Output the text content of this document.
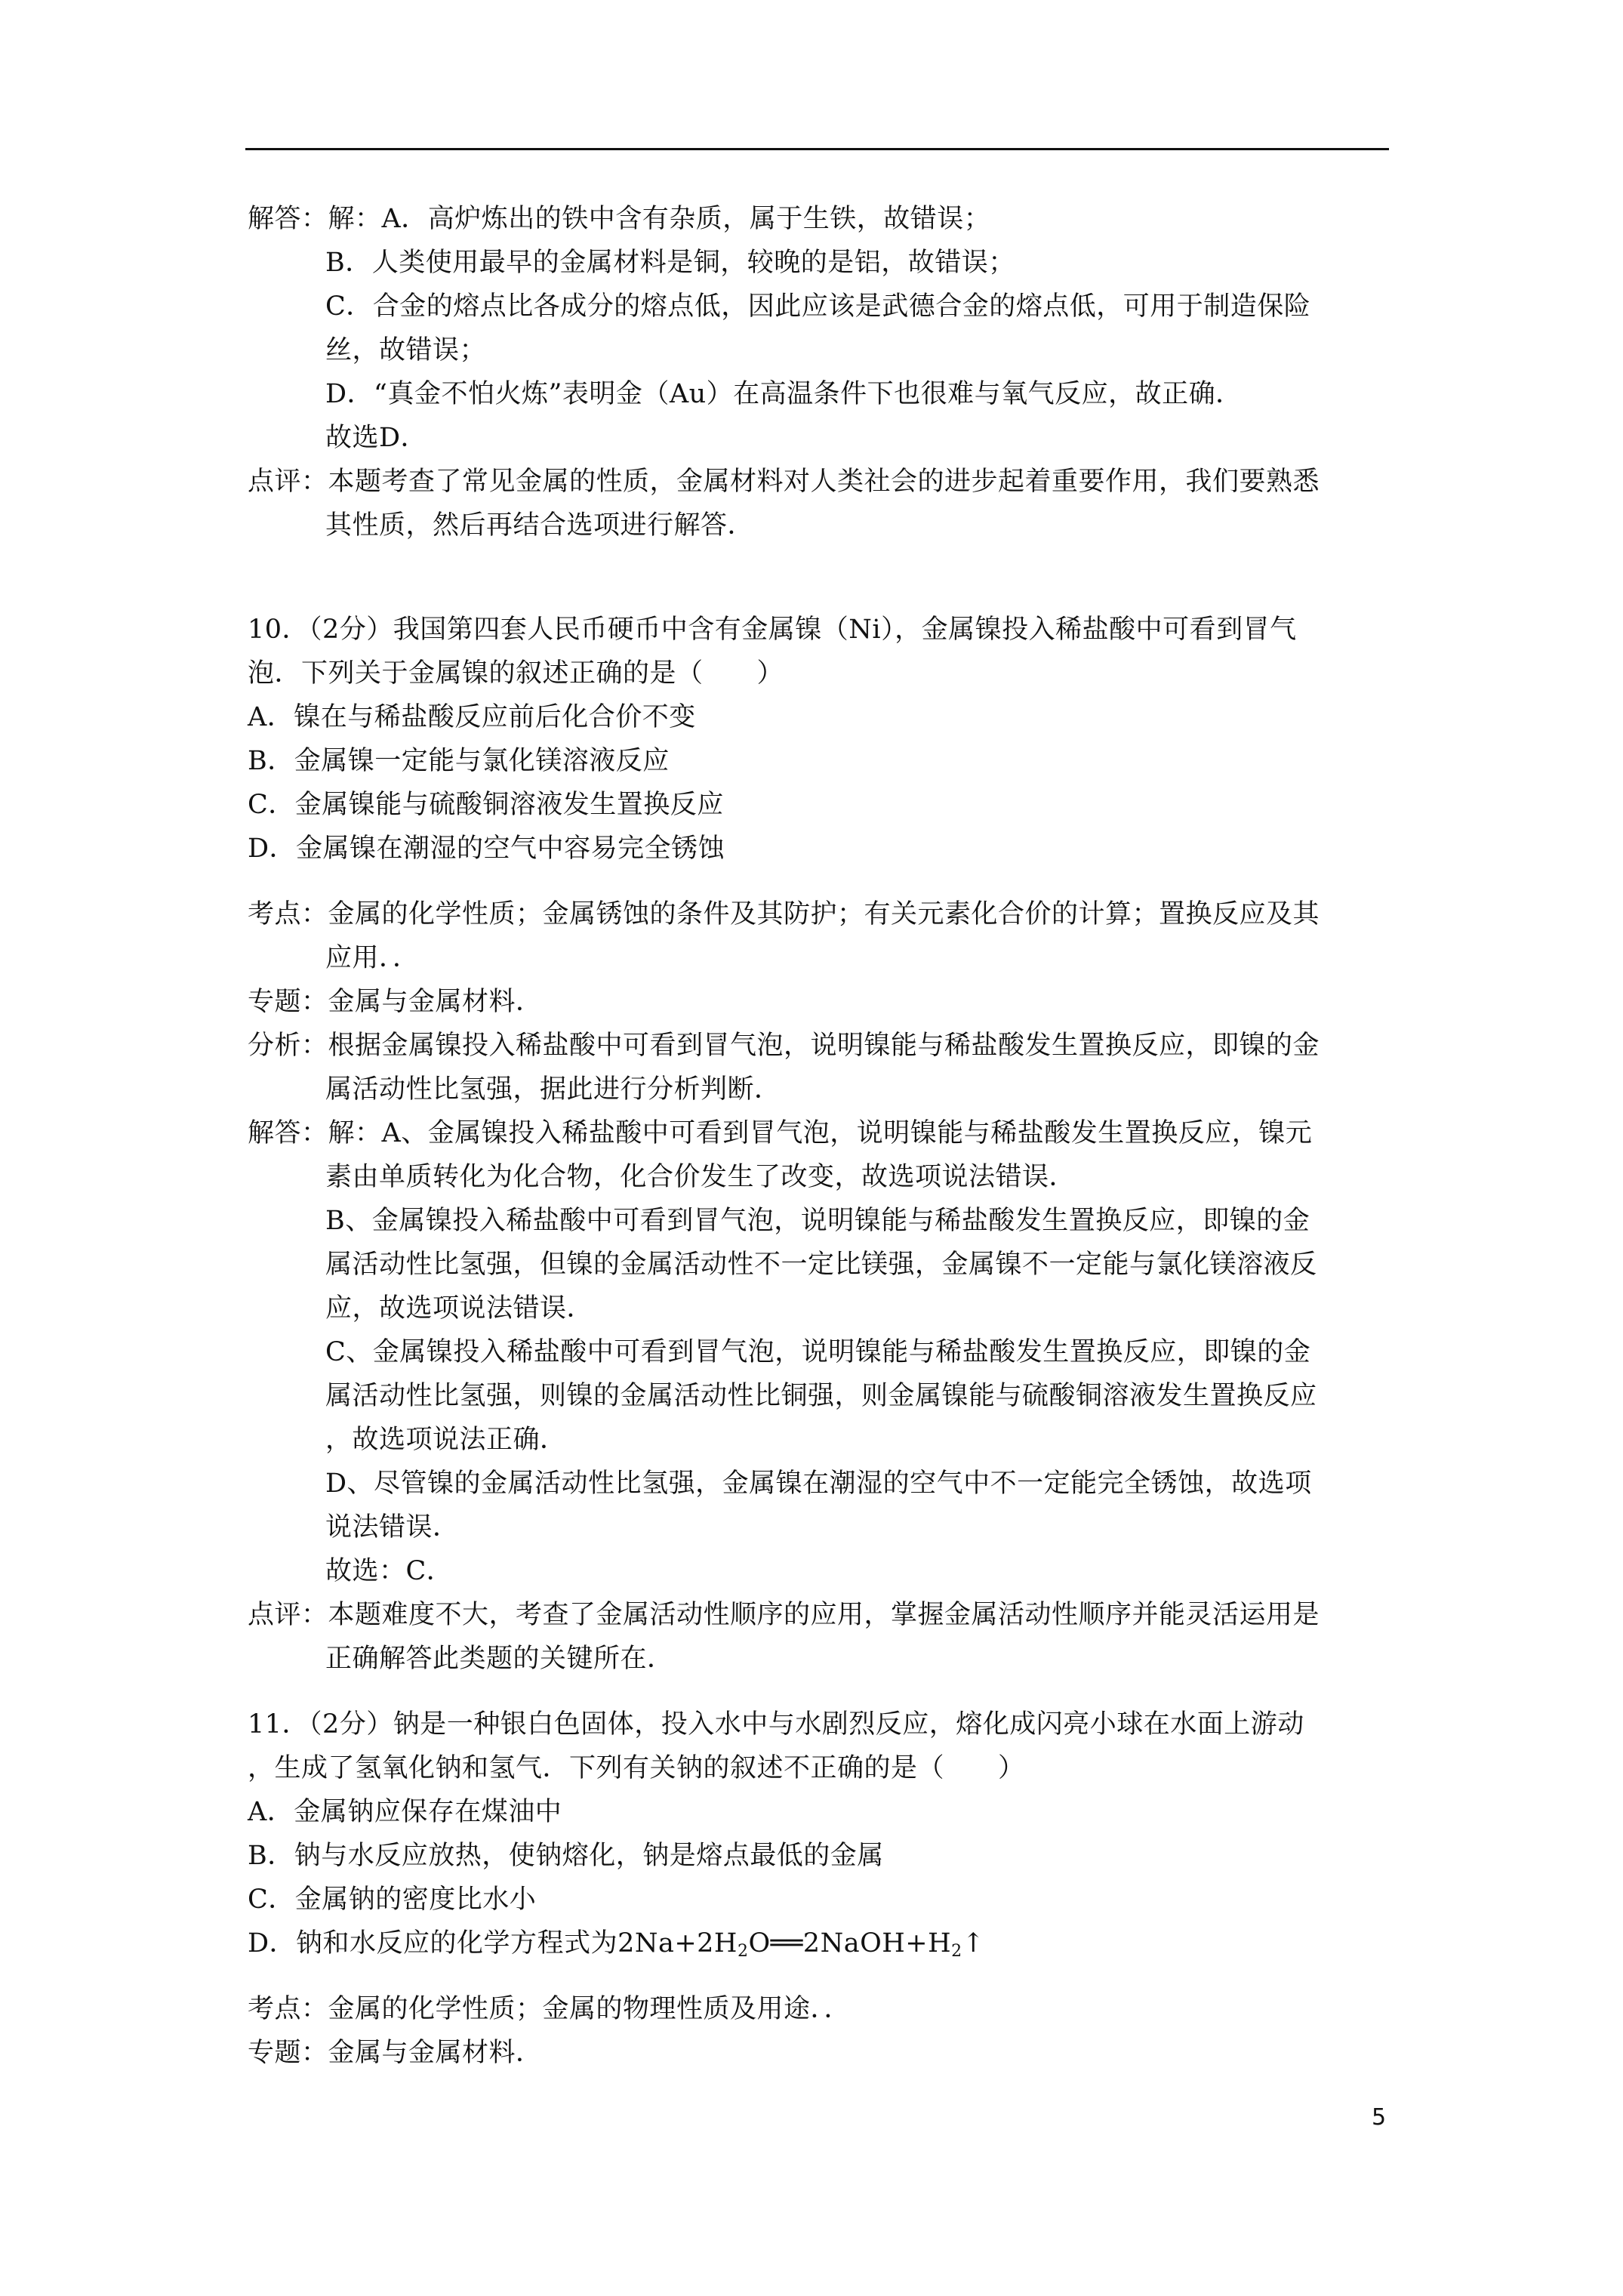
解答：解：A．高炉炼出的铁中含有杂质，属于生铁，故错误；
B．人类使用最早的金属材料是铜，较晚的是铝，故错误；
C．合金的熔点比各成分的熔点低，因此应该是武德合金的熔点低，可用于制造保险
丝，故错误；
D．“真金不怕火炼”表明金（Au）在高温条件下也很难与氧气反应，故正确．
故选D．
点评：本题考查了常见金属的性质，金属材料对人类社会的进步起着重要作用，我们要熟悉
其性质，然后再结合选项进行解答．
10．（2分）我国第四套人民币硬币中含有金属镍（Ni），金属镍投入稀盐酸中可看到冒气
泡．下列关于金属镍的叙述正确的是（　　）
A．镍在与稀盐酸反应前后化合价不变
B．金属镍一定能与氯化镁溶液反应
C．金属镍能与硫酸铜溶液发生置换反应
D．金属镍在潮湿的空气中容易完全锈蚀
考点：金属的化学性质；金属锈蚀的条件及其防护；有关元素化合价的计算；置换反应及其
应用．．
专题：金属与金属材料．
分析：根据金属镍投入稀盐酸中可看到冒气泡，说明镍能与稀盐酸发生置换反应，即镍的金
属活动性比氢强，据此进行分析判断．
解答：解：A、金属镍投入稀盐酸中可看到冒气泡，说明镍能与稀盐酸发生置换反应，镍元
素由单质转化为化合物，化合价发生了改变，故选项说法错误．
B、金属镍投入稀盐酸中可看到冒气泡，说明镍能与稀盐酸发生置换反应，即镍的金
属活动性比氢强，但镍的金属活动性不一定比镁强，金属镍不一定能与氯化镁溶液反
应，故选项说法错误．
C、金属镍投入稀盐酸中可看到冒气泡，说明镍能与稀盐酸发生置换反应，即镍的金
属活动性比氢强，则镍的金属活动性比铜强，则金属镍能与硫酸铜溶液发生置换反应
，故选项说法正确．
D、尽管镍的金属活动性比氢强，金属镍在潮湿的空气中不一定能完全锈蚀，故选项
说法错误．
故选：C．
点评：本题难度不大，考查了金属活动性顺序的应用，掌握金属活动性顺序并能灵活运用是
正确解答此类题的关键所在．
11．（2分）钠是一种银白色固体，投入水中与水剧烈反应，熔化成闪亮小球在水面上游动
，生成了氢氧化钠和氢气．下列有关钠的叙述不正确的是（　　）
A．金属钠应保存在煤油中
B．钠与水反应放热，使钠熔化，钠是熔点最低的金属
C．金属钠的密度比水小
D．钠和水反应的化学方程式为$2Na+2H_2O══2NaOH+H_2↑$
考点：金属的化学性质；金属的物理性质及用途．．
专题：金属与金属材料．
5
